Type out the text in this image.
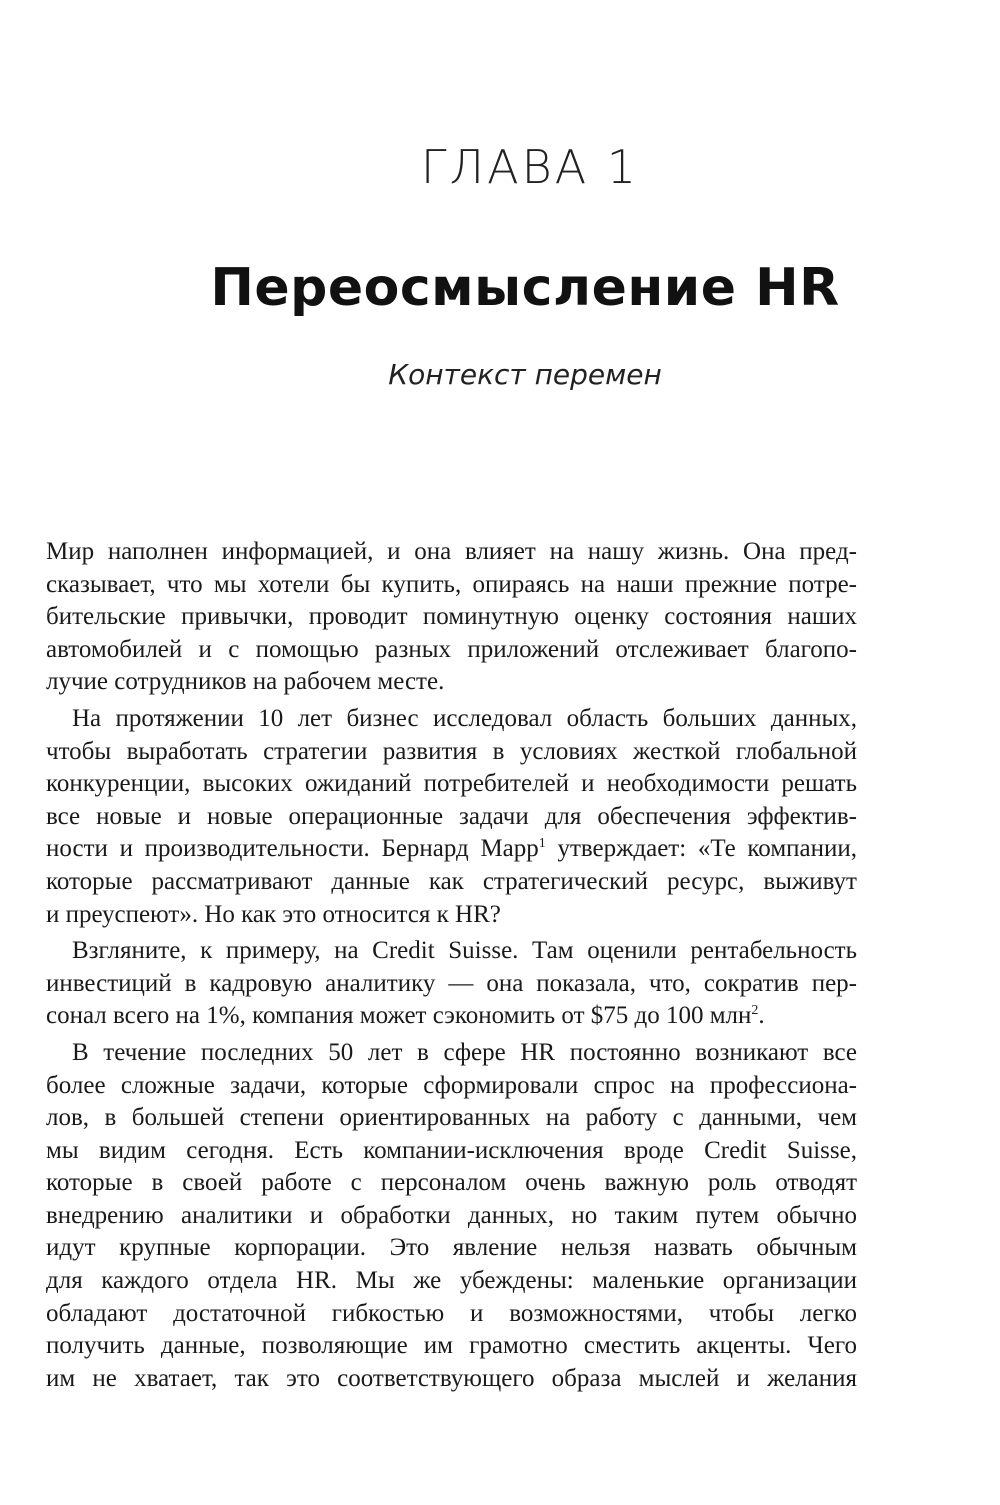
ГЛАВА 1
Переосмысление HR
Контекст перемен
Мир наполнен информацией, и она влияет на нашу жизнь. Она пред-
сказывает, что мы хотели бы купить, опираясь на наши прежние потре-
бительские привычки, проводит поминутную оценку состояния наших
автомобилей и с помощью разных приложений отслеживает благопо-
лучие сотрудников на рабочем месте.
На протяжении 10 лет бизнес исследовал область больших данных,
чтобы выработать стратегии развития в условиях жесткой глобальной
конкуренции, высоких ожиданий потребителей и необходимости решать
все новые и новые операционные задачи для обеспечения эффектив-
ности и производительности. Бернард Марр$^1$ утверждает: «Те компании,
которые рассматривают данные как стратегический ресурс, выживут
и преуспеют». Но как это относится к HR?
Взгляните, к примеру, на Credit Suisse. Там оценили рентабельность
инвестиций в кадровую аналитику — она показала, что, сократив пер-
сонал всего на 1%, компания может сэкономить от $75 до 100 млн$^2$.
В течение последних 50 лет в сфере HR постоянно возникают все
более сложные задачи, которые сформировали спрос на профессиона-
лов, в большей степени ориентированных на работу с данными, чем
мы видим сегодня. Есть компании-исключения вроде Credit Suisse,
которые в своей работе с персоналом очень важную роль отводят
внедрению аналитики и обработки данных, но таким путем обычно
идут крупные корпорации. Это явление нельзя назвать обычным
для каждого отдела HR. Мы же убеждены: маленькие организации
обладают достаточной гибкостью и возможностями, чтобы легко
получить данные, позволяющие им грамотно сместить акценты. Чего
им не хватает, так это соответствующего образа мыслей и желания
